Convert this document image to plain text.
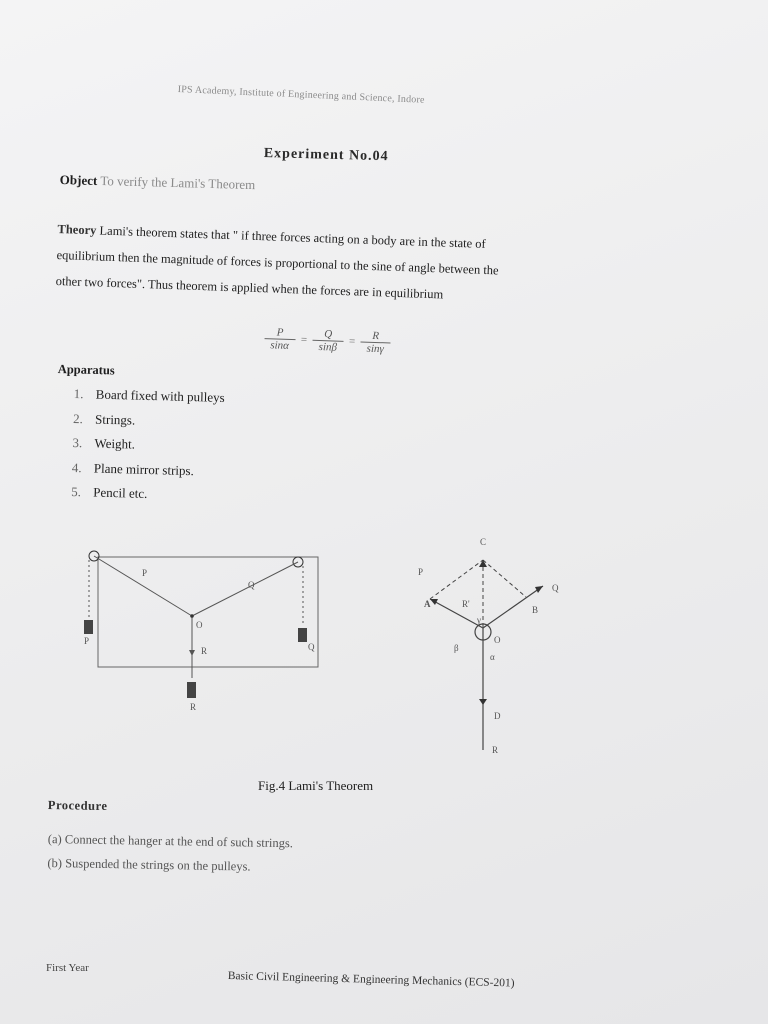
IPS Academy, Institute of Engineering and Science, Indore
Experiment No.04
Object To verify the Lami's Theorem
Theory Lami's theorem states that " if three forces acting on a body are in the state of
equilibrium then the magnitude of forces is proportional to the sine of angle between the
other two forces". Thus theorem is applied when the forces are in equilibrium
$\frac{P}{\sin\alpha} = \frac{Q}{\sin\beta} = \frac{R}{\sin\gamma}$
Apparatus
1. Board fixed with pulleys
2. Strings.
3. Weight.
4. Plane mirror strips.
5. Pencil etc.
P
Q
O
R
P
Q
R
C
P
Q
A
B
R'
γ
β
O
α
D
R
Fig.4 Lami's Theorem
Procedure
(a) Connect the hanger at the end of such strings.
(b) Suspended the strings on the pulleys.
First Year
Basic Civil Engineering & Engineering Mechanics (ECS-201)
